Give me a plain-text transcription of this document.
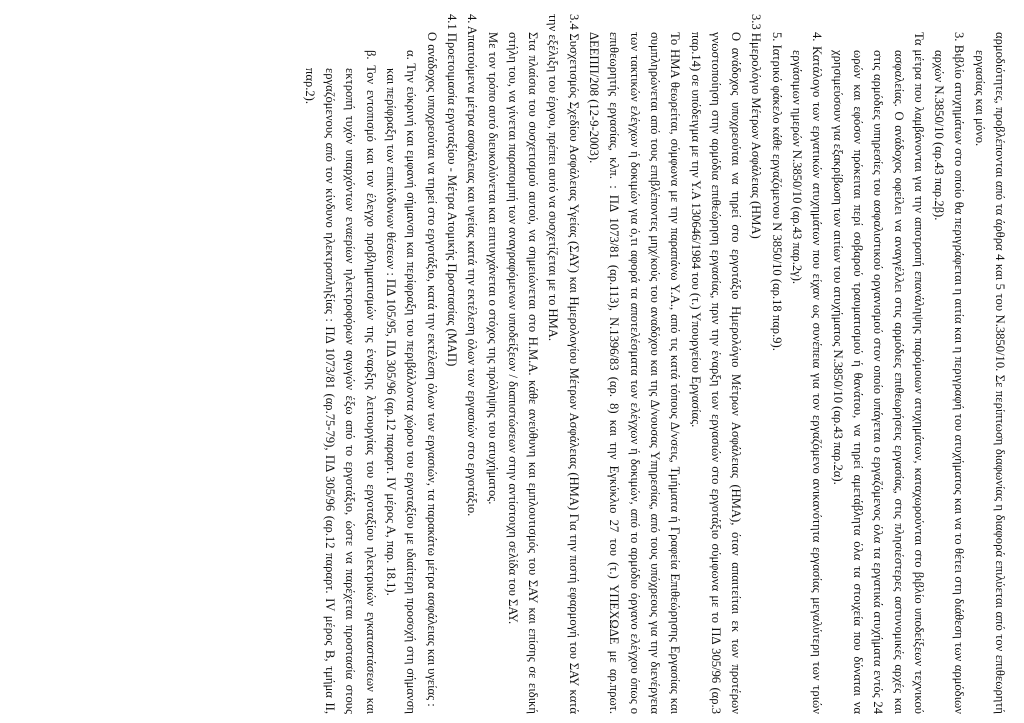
αρμοδιότητες, προβλέπονται από τα άρθρα 4 και 5 του Ν.3850/10. Σε περίπτωση διαφωνίας η διαφορά επιλύεται από τον επιθεωρητή εργασίας και μόνο.

3. Βιβλίο ατυχημάτων στο οποίο θα περιγράφεται η αιτία και η περιγραφή του ατυχήματος και να το θέτει στη διάθεση των αρμόδιων αρχών Ν.3850/10 (αρ.43 παρ.2β).

Τα μέτρα που λαμβάνονται για την αποτροπή επανάληψης παρόμοιων ατυχημάτων, καταχωρούνται στο βιβλίο υποδείξεων τεχνικού ασφαλείας. Ο ανάδοχος οφείλει να αναγγέλλει στις αρμόδιες επιθεωρήσεις εργασίας, στις πλησιέστερες αστυνομικές αρχές και στις αρμόδιες υπηρεσίες του ασφαλιστικού οργανισμού στον οποίο υπάγεται ο εργαζόμενος όλα τα εργατικά ατυχήματα εντός 24 ωρών και εφόσον πρόκειται περί σοβαρού τραυματισμού ή θανάτου, να τηρεί αμετάβλητα όλα τα στοιχεία που δύναται να χρησιμεύσουν για εξακρίβωση των αιτίων του ατυχήματος Ν.3850/10 (αρ.43 παρ.2α).

4. Κατάλογο των εργατικών ατυχημάτων που είχαν ως συνέπεια για τον εργαζόμενο ανικανότητα εργασίας μεγαλύτερη των τριών εργάσιμων ημερών Ν.3850/10 (αρ.43 παρ.2γ).

5. Ιατρικό φάκελο κάθε εργαζόμενου Ν 3850/10 (αρ.18 παρ.9).

3.3 Ημερολόγιο Μέτρων Ασφάλειας (ΗΜΑ)

Ο ανάδοχος υποχρεούται να τηρεί στο εργοτάξιο Ημερολόγιο Μέτρων Ασφάλειας (ΗΜΑ), όταν απαιτείται εκ των προτέρων γνωστοποίηση στην αρμόδια επιθεώρηση εργασίας, πριν την έναρξη των εργασιών στο εργοτάξιο σύμφωνα με το ΠΔ 305/96 (αρ.3 παρ.14) σε υπόδειγμα με την Υ.Α 130646/1984 του (τ.) Υπουργείου Εργασίας.

Το ΗΜΑ θεωρείται, σύμφωνα με την παραπάνω Υ.Α., από τις κατά τόπους Δ/νσεις, Τμήματα ή Γραφεία Επιθεώρησης Εργασίας και συμπληρώνεται από τους επιβλέποντες μηχ/κούς του αναδόχου και της Δ/νουσας Υπηρεσίας, από τους υπόχρεους για την διενέργεια των τακτικών ελέγχων ή δοκιμών για ό,τι αφορά τα αποτελέσματα των ελέγχων ή δοκιμών, από το αρμόδιο όργανο ελέγχου όπως ο επιθεωρητής εργασίας, κλπ. : ΠΔ 1073/81 (αρ.113), Ν.1396/83 (αρ. 8) και την Εγκύκλιο 27 του (τ.) ΥΠΕΧΩΔΕ με αρ.πρωτ. ΔΕΕΠΠ/208 (12-9-2003).

3.4 Συσχετισμός Σχεδίου Ασφάλειας Υγείας (ΣΑΥ) και Ημερολογίου Μέτρων Ασφάλειας (ΗΜΑ) Για την πιστή εφαρμογή του ΣΑΥ κατά την εξέλιξη του έργου, πρέπει αυτό να συσχετίζεται με το ΗΜΑ.

Στα πλαίσια του συσχετισμού αυτού, να σημειώνεται στο Η.Μ.Α. κάθε ανεύθυνη και εμπλουτισμός του ΣΑΥ και επίσης σε ειδική στήλη του, να γίνεται παραπομπή των αναγραφόμενων υποδείξεων / διαπιστώσεων στην αντίστοιχη σελίδα του ΣΑΥ.

Με τον τρόπο αυτό διευκολύνεται και επιτυγχάνεται ο στόχος της πρόληψης του ατυχήματος.

4. Απαιτούμενα μέτρα ασφάλειας και υγείας κατά την εκτέλεση όλων των εργασιών στο εργοτάξιο.

4.1 Προετοιμασία εργοταξίου - Μέτρα Ατομικής Προστασίας (ΜΑΠ)

Ο ανάδοχος υποχρεούται να τηρεί στο εργοτάξιο, κατά την εκτέλεση όλων των εργασιών, τα παρακάτω μέτρα ασφάλειας και υγείας :

α. Την εύκρινή και εμφανή σήμανση και περίφραξη του περιβάλλοντα χώρου του εργοταξίου με ιδιαίτερη προσοχή στη σήμανση και περίφραξη των επικίνδυνων θέσεων : ΠΔ 105/95, ΠΔ 305/96 (αρ.12 παραρτ. IV μέρος Α, παρ. 18.1).

β. Τον εντοπισμό και τον έλεγχο προβληματισμών της έναρξης λειτουργίας του εργοταξίου ηλεκτρικών εγκαταστάσεων και εκτροπή τυχόν υπαρχόντων εναερίων ηλεκτροφόρων αγωγών έξω από το εργοτάξιο, ώστε να παρέχεται προστασία στους εργαζόμενους από τον κίνδυνο ηλεκτροπληξίας : ΠΔ 1073/81 (αρ.75-79), ΠΔ 305/96 (αρ.12 παραρτ. IV μέρος Β, τμήμα II, παρ.2).
